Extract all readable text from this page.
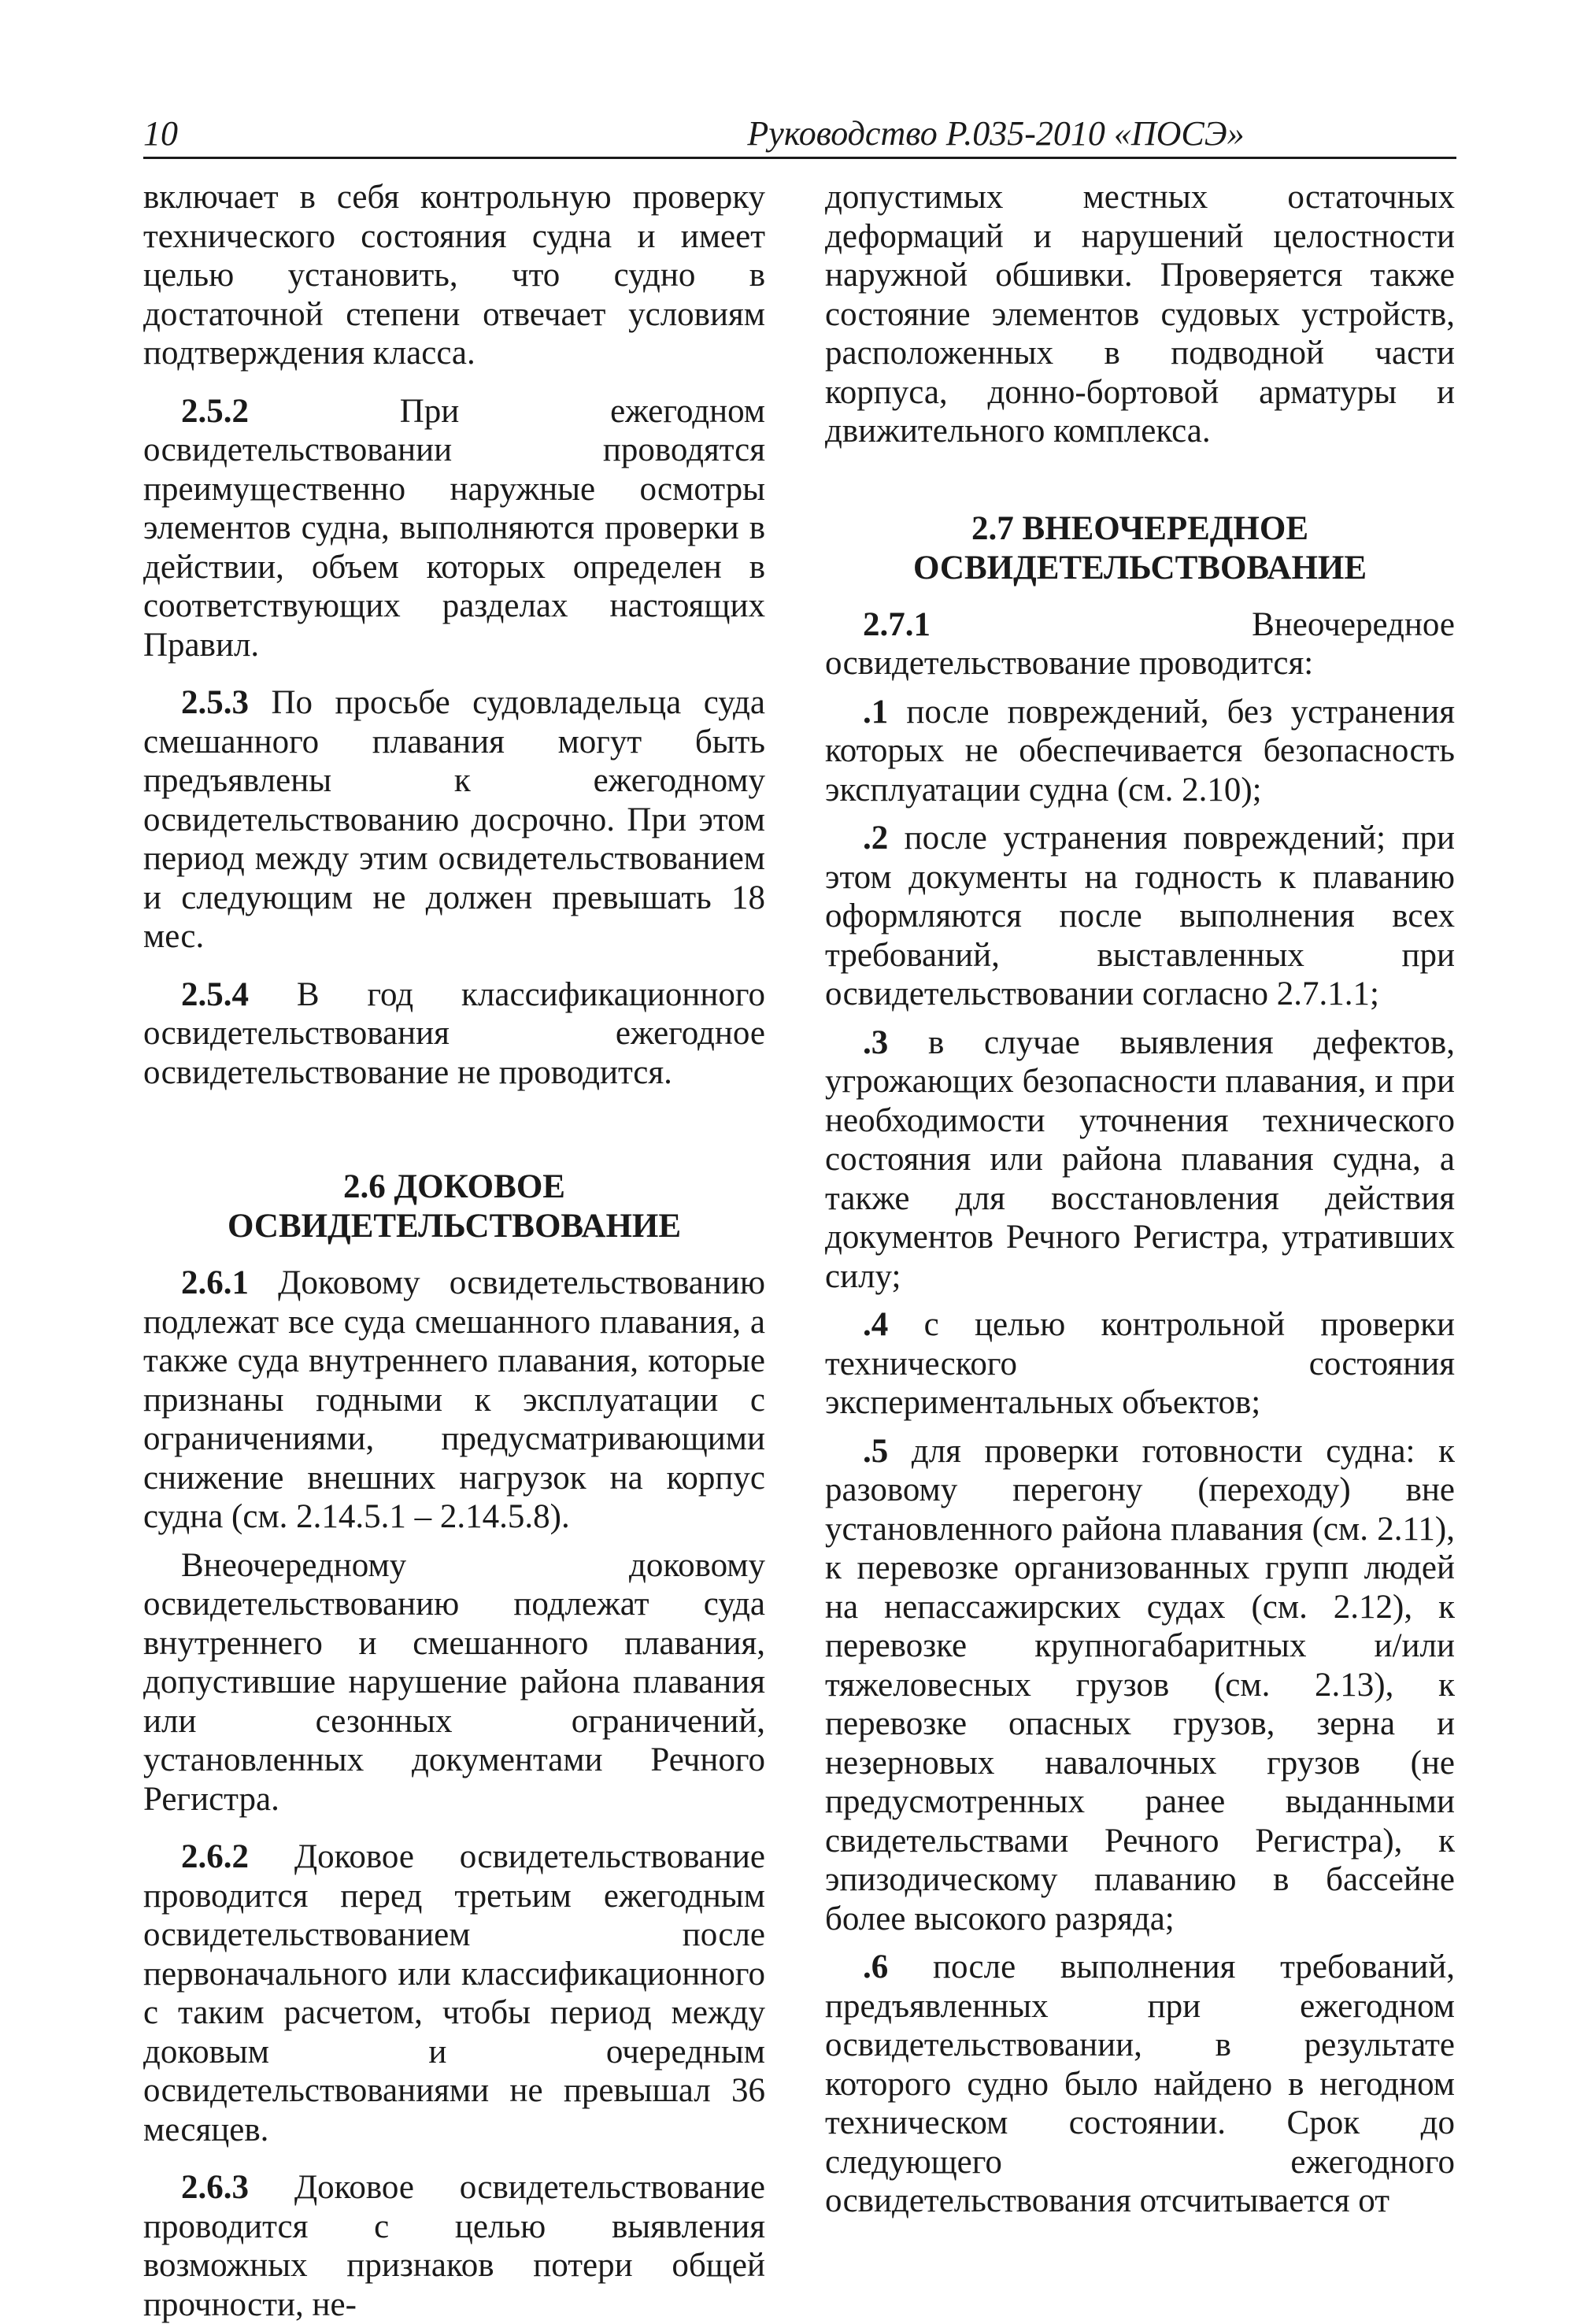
10	Руководство Р.035-2010 «ПОСЭ»

включает в себя контрольную проверку технического состояния судна и имеет целью установить, что судно в достаточной степени отвечает условиям подтверждения класса.

2.5.2 При ежегодном освидетельствовании проводятся преимущественно наружные осмотры элементов судна, выполняются проверки в действии, объем которых определен в соответствующих разделах настоящих Правил.

2.5.3 По просьбе судовладельца суда смешанного плавания могут быть предъявлены к ежегодному освидетельствованию досрочно. При этом период между этим освидетельствованием и следующим не должен превышать 18 мес.

2.5.4 В год классификационного освидетельствования ежегодное освидетельствование не проводится.

2.6 ДОКОВОЕ
ОСВИДЕТЕЛЬСТВОВАНИЕ

2.6.1 Доковому освидетельствованию подлежат все суда смешанного плавания, а также суда внутреннего плавания, которые признаны годными к эксплуатации с ограничениями, предусматривающими снижение внешних нагрузок на корпус судна (см. 2.14.5.1 – 2.14.5.8).

Внеочередному доковому освидетельствованию подлежат суда внутреннего и смешанного плавания, допустившие нарушение района плавания или сезонных ограничений, установленных документами Речного Регистра.

2.6.2 Доковое освидетельствование проводится перед третьим ежегодным освидетельствованием после первоначального или классификационного с таким расчетом, чтобы период между доковым и очередным освидетельствованиями не превышал 36 месяцев.

2.6.3 Доковое освидетельствование проводится с целью выявления возможных признаков потери общей прочности, не-

допустимых местных остаточных деформаций и нарушений целостности наружной обшивки. Проверяется также состояние элементов судовых устройств, расположенных в подводной части корпуса, донно-бортовой арматуры и движительного комплекса.

2.7 ВНЕОЧЕРЕДНОЕ
ОСВИДЕТЕЛЬСТВОВАНИЕ

2.7.1 Внеочередное освидетельствование проводится:

.1 после повреждений, без устранения которых не обеспечивается безопасность эксплуатации судна (см. 2.10);

.2 после устранения повреждений; при этом документы на годность к плаванию оформляются после выполнения всех требований, выставленных при освидетельствовании согласно 2.7.1.1;

.3 в случае выявления дефектов, угрожающих безопасности плавания, и при необходимости уточнения технического состояния или района плавания судна, а также для восстановления действия документов Речного Регистра, утративших силу;

.4 с целью контрольной проверки технического состояния экспериментальных объектов;

.5 для проверки готовности судна: к разовому перегону (переходу) вне установленного района плавания (см. 2.11), к перевозке организованных групп людей на непассажирских судах (см. 2.12), к перевозке крупногабаритных и/или тяжеловесных грузов (см. 2.13), к перевозке опасных грузов, зерна и незерновых навалочных грузов (не предусмотренных ранее выданными свидетельствами Речного Регистра), к эпизодическому плаванию в бассейне более высокого разряда;

.6 после выполнения требований, предъявленных при ежегодном освидетельствовании, в результате которого судно было найдено в негодном техническом состоянии. Срок до следующего ежегодного освидетельствования отсчитывается от
